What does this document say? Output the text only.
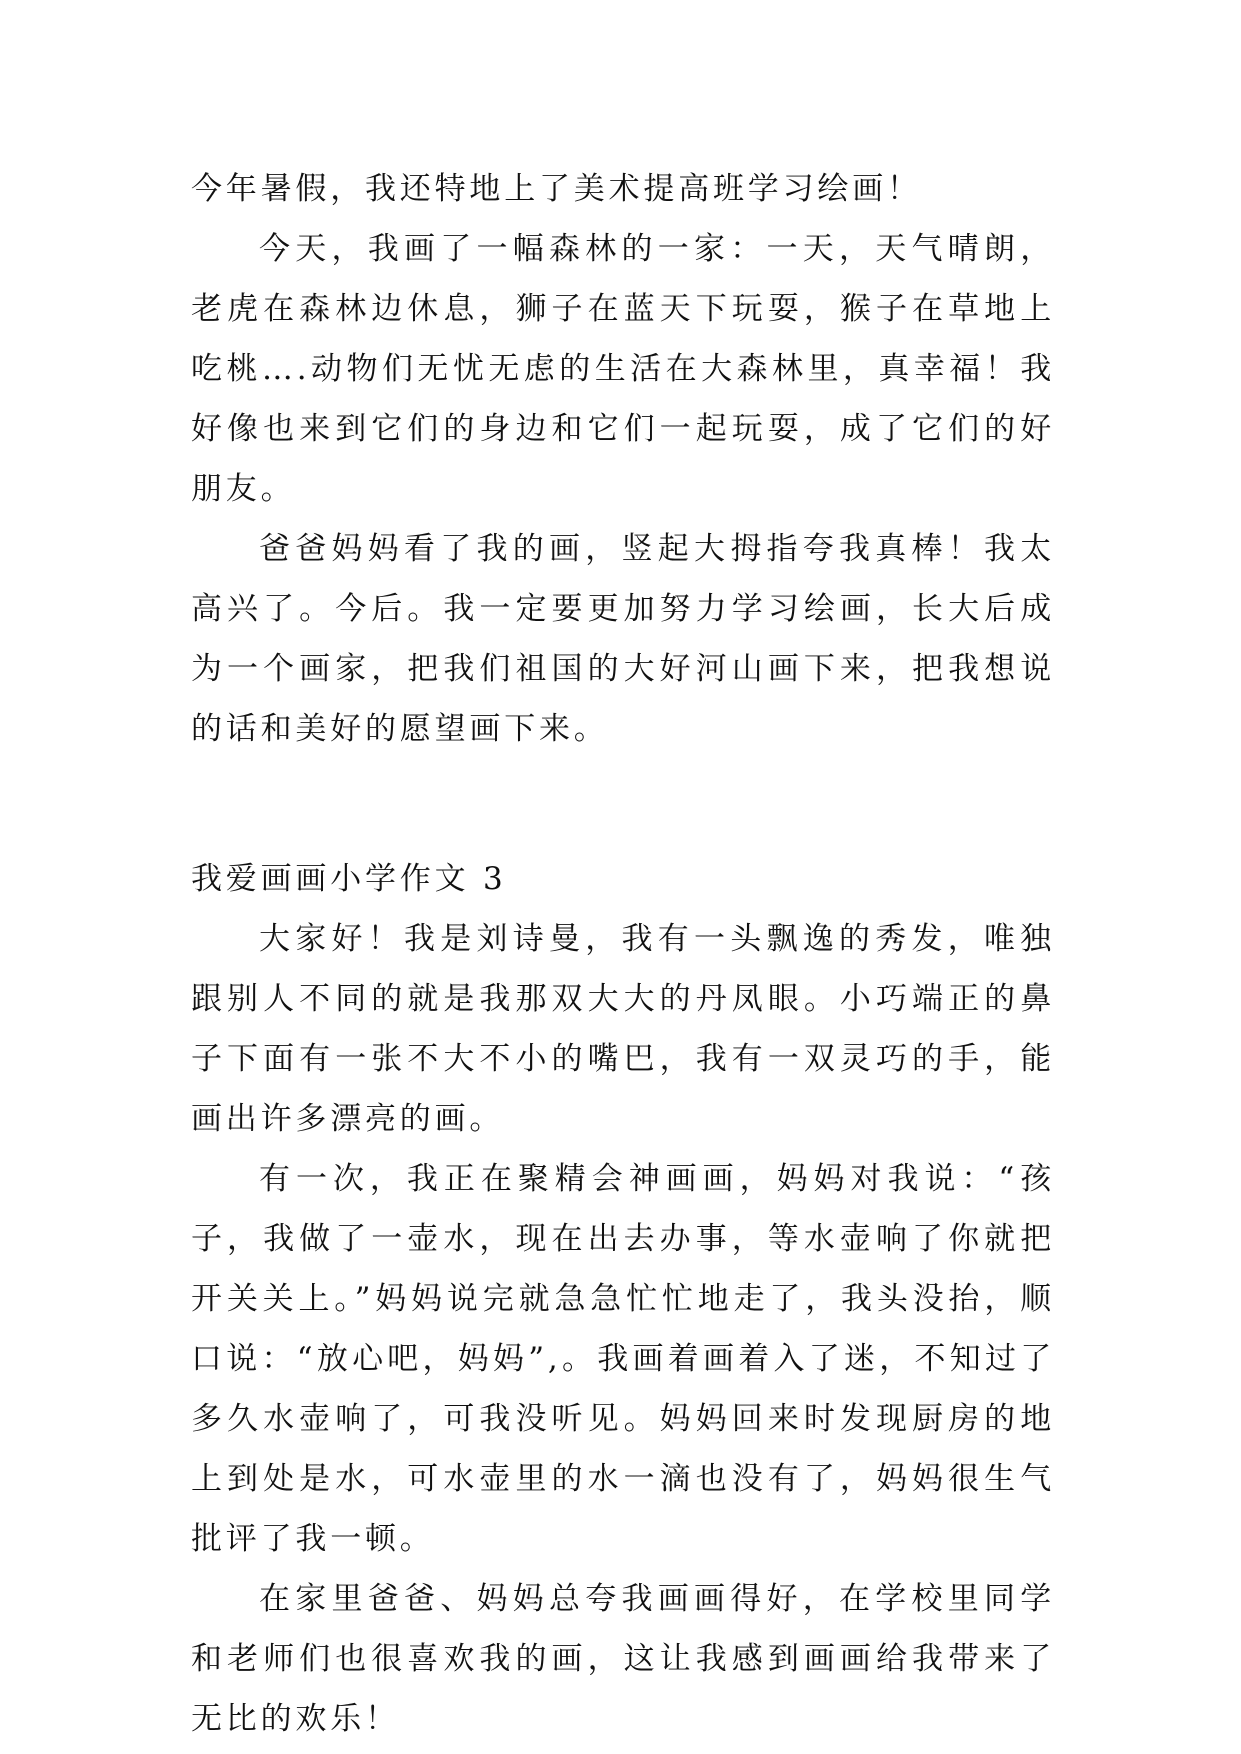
今年暑假，我还特地上了美术提高班学习绘画！

今天，我画了一幅森林的一家：一天，天气晴朗，老虎在森林边休息，狮子在蓝天下玩耍，猴子在草地上吃桃….动物们无忧无虑的生活在大森林里，真幸福！我好像也来到它们的身边和它们一起玩耍，成了它们的好朋友。

爸爸妈妈看了我的画，竖起大拇指夸我真棒！我太高兴了。今后。我一定要更加努力学习绘画，长大后成为一个画家，把我们祖国的大好河山画下来，把我想说的话和美好的愿望画下来。

我爱画画小学作文 3

大家好！我是刘诗曼，我有一头飘逸的秀发，唯独跟别人不同的就是我那双大大的丹凤眼。小巧端正的鼻子下面有一张不大不小的嘴巴，我有一双灵巧的手，能画出许多漂亮的画。

有一次，我正在聚精会神画画，妈妈对我说：“孩子，我做了一壶水，现在出去办事，等水壶响了你就把开关关上。”妈妈说完就急急忙忙地走了，我头没抬，顺口说：“放心吧，妈妈”,。我画着画着入了迷，不知过了多久水壶响了，可我没听见。妈妈回来时发现厨房的地上到处是水，可水壶里的水一滴也没有了，妈妈很生气批评了我一顿。

在家里爸爸、妈妈总夸我画画得好，在学校里同学和老师们也很喜欢我的画，这让我感到画画给我带来了无比的欢乐！
